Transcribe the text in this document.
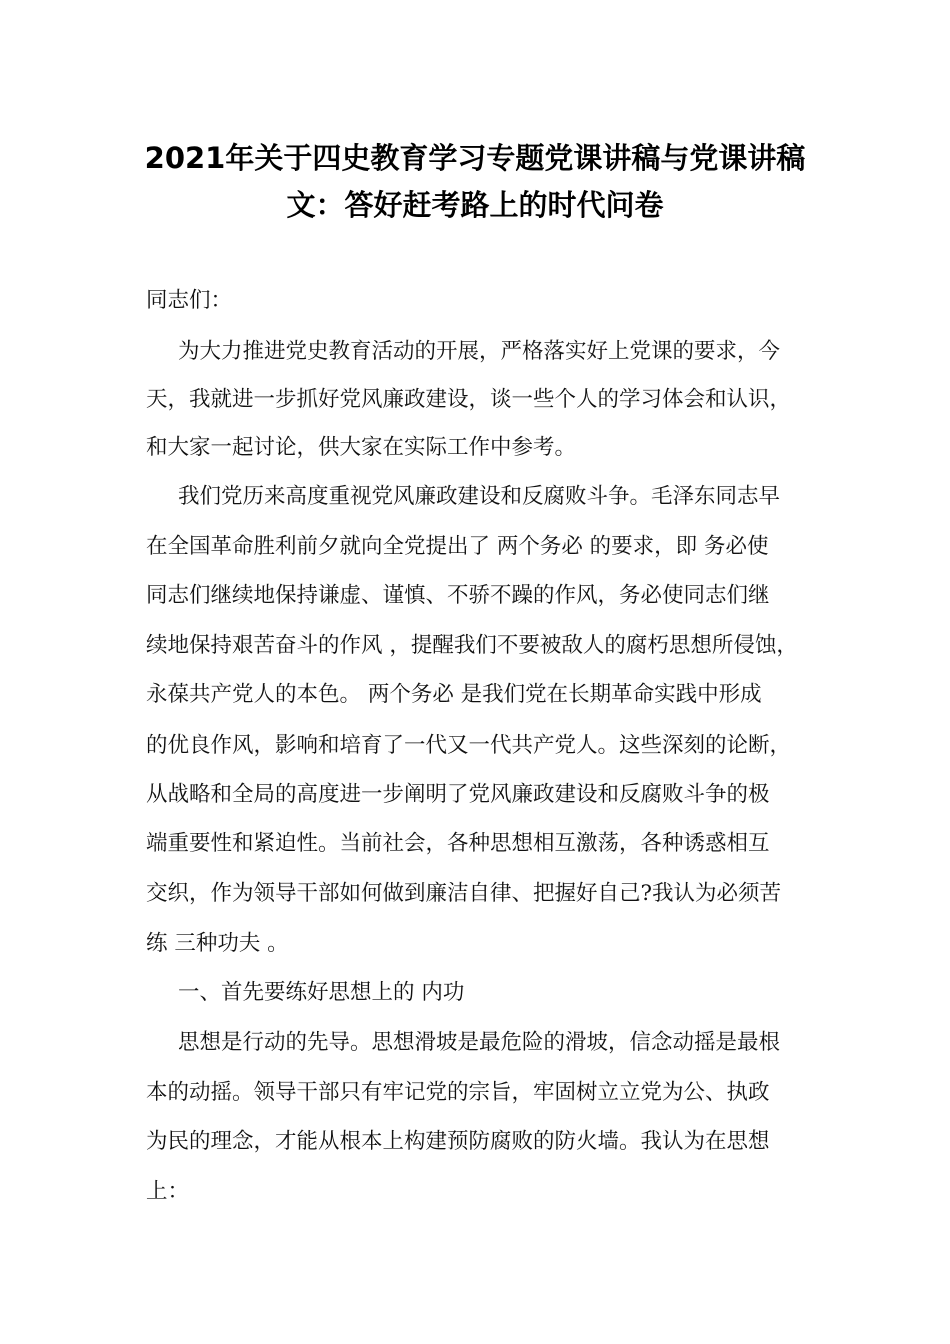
2021年关于四史教育学习专题党课讲稿与党课讲稿
文：答好赶考路上的时代问卷
同志们：
为大力推进党史教育活动的开展，严格落实好上党课的要求，今
天，我就进一步抓好党风廉政建设，谈一些个人的学习体会和认识，
和大家一起讨论，供大家在实际工作中参考。
我们党历来高度重视党风廉政建设和反腐败斗争。毛泽东同志早
在全国革命胜利前夕就向全党提出了 两个务必 的要求，即 务必使
同志们继续地保持谦虚、谨慎、不骄不躁的作风，务必使同志们继
续地保持艰苦奋斗的作风 ，提醒我们不要被敌人的腐朽思想所侵蚀，
永葆共产党人的本色。 两个务必 是我们党在长期革命实践中形成
的优良作风，影响和培育了一代又一代共产党人。这些深刻的论断，
从战略和全局的高度进一步阐明了党风廉政建设和反腐败斗争的极
端重要性和紧迫性。当前社会，各种思想相互激荡，各种诱惑相互
交织，作为领导干部如何做到廉洁自律、把握好自己?我认为必须苦
练 三种功夫 。
一、首先要练好思想上的 内功
思想是行动的先导。思想滑坡是最危险的滑坡，信念动摇是最根
本的动摇。领导干部只有牢记党的宗旨，牢固树立立党为公、执政
为民的理念，才能从根本上构建预防腐败的防火墙。我认为在思想
上：
